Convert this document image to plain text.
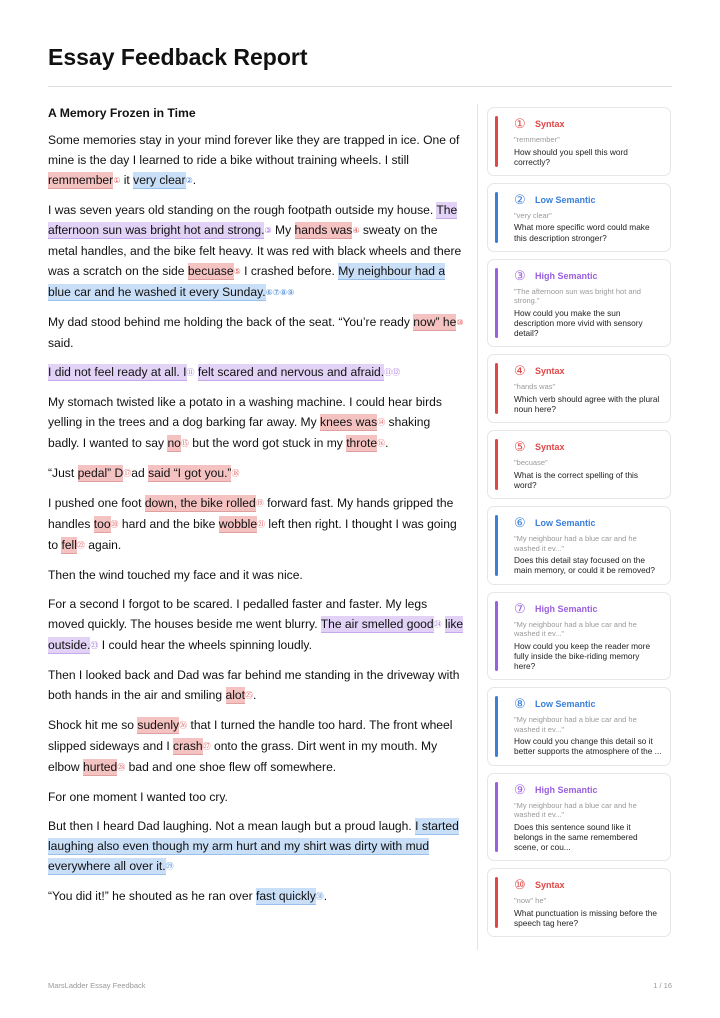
Essay Feedback Report
A Memory Frozen in Time

Some memories stay in your mind forever like they are trapped in ice. One of mine is the day I learned to ride a bike without training wheels. I still remmember① it very clear②.

I was seven years old standing on the rough footpath outside my house. The afternoon sun was bright hot and strong.③ My hands was④ sweaty on the metal handles, and the bike felt heavy. It was red with black wheels and there was a scratch on the side becuase⑤ I crashed before. My neighbour had a blue car and he washed it every Sunday.⑥⑦⑧⑨

My dad stood behind me holding the back of the seat. “You’re ready now” he⑩ said.

I did not feel ready at all. I⑪ felt scared and nervous and afraid.⑪⑫

My stomach twisted like a potato in a washing machine. I could hear birds yelling in the trees and a dog barking far away. My knees was⑭ shaking badly. I wanted to say no⑮ but the word got stuck in my throte⑯.

“Just pedal” D⑰ad said “I got you.”⑱

I pushed one foot down, the bike rolled⑲ forward fast. My hands gripped the handles too⑳ hard and the bike wobble㉑ left then right. I thought I was going to fell㉒ again.

Then the wind touched my face and it was nice.

For a second I forgot to be scared. I pedalled faster and faster. My legs moved quickly. The houses beside me went blurry. The air smelled good㉔ like outside.㉓ I could hear the wheels spinning loudly.

Then I looked back and Dad was far behind me standing in the driveway with both hands in the air and smiling alot㉕.

Shock hit me so sudenly㉖ that I turned the handle too hard. The front wheel slipped sideways and I crash㉗ onto the grass. Dirt went in my mouth. My elbow hurted㉘ bad and one shoe flew off somewhere.

For one moment I wanted too cry.

But then I heard Dad laughing. Not a mean laugh but a proud laugh. I started laughing also even though my arm hurt and my shirt was dirty with mud everywhere all over it.㉙

“You did it!” he shouted as he ran over fast quickly㉚.

①	Syntax
"remmember"
How should you spell this word correctly?
②	Low Semantic
"very clear"
What more specific word could make this description stronger?
③	High Semantic
"The afternoon sun was bright hot and strong."
How could you make the sun description more vivid with sensory detail?
④	Syntax
"hands was"
Which verb should agree with the plural noun here?
⑤	Syntax
"becuase"
What is the correct spelling of this word?
⑥	Low Semantic
"My neighbour had a blue car and he washed it ev..."
Does this detail stay focused on the main memory, or could it be removed?
⑦	High Semantic
"My neighbour had a blue car and he washed it ev..."
How could you keep the reader more fully inside the bike-riding memory here?
⑧	Low Semantic
"My neighbour had a blue car and he washed it ev..."
How could you change this detail so it better supports the atmosphere of the ...
⑨	High Semantic
"My neighbour had a blue car and he washed it ev..."
Does this sentence sound like it belongs in the same remembered scene, or cou...
⑩	Syntax
"now" he"
What punctuation is missing before the speech tag here?
MarsLadder Essay Feedback	1 / 16
